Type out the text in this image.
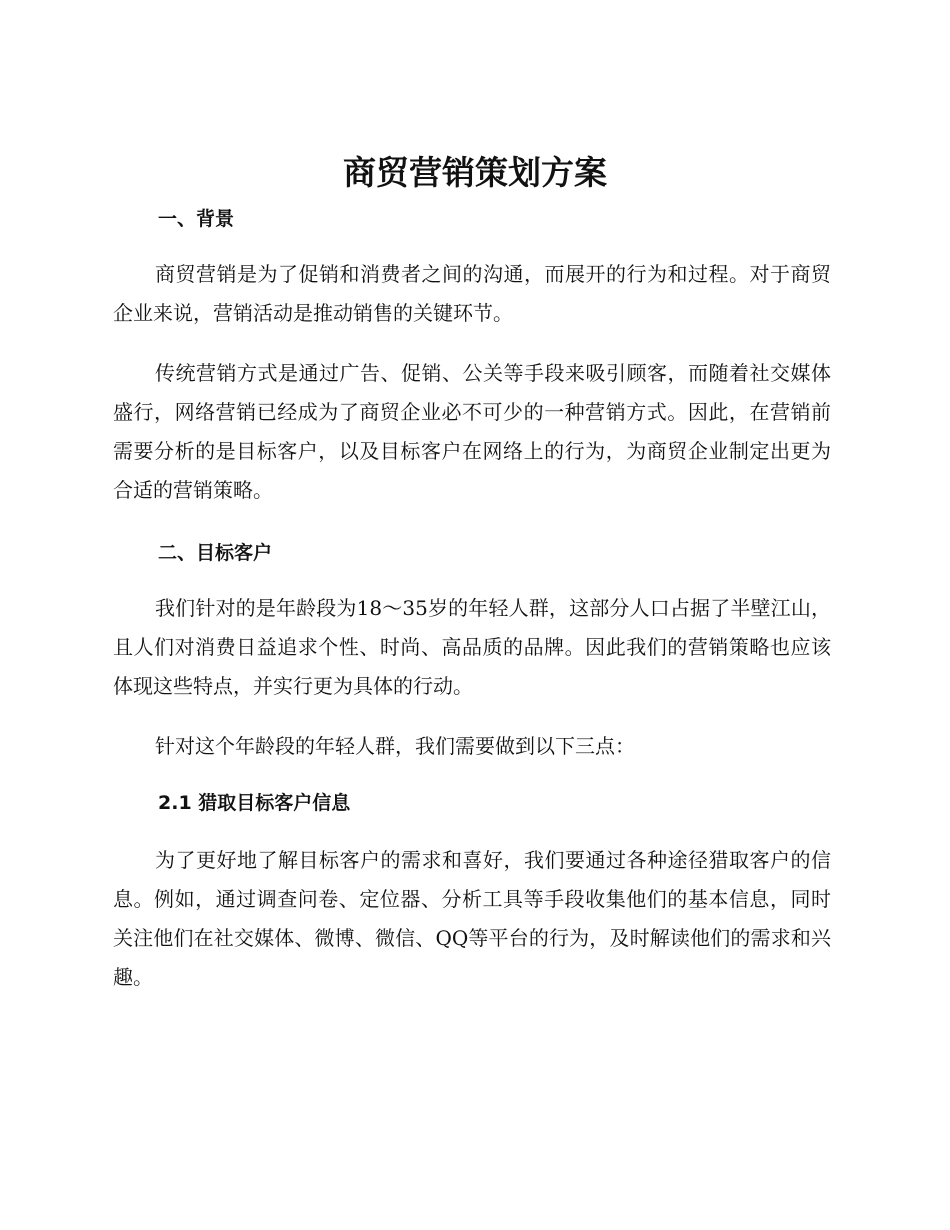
商贸营销策划方案
一、背景

商贸营销是为了促销和消费者之间的沟通，而展开的行为和过程。对于商贸企业来说，营销活动是推动销售的关键环节。

传统营销方式是通过广告、促销、公关等手段来吸引顾客，而随着社交媒体盛行，网络营销已经成为了商贸企业必不可少的一种营销方式。因此，在营销前需要分析的是目标客户，以及目标客户在网络上的行为，为商贸企业制定出更为合适的营销策略。

二、目标客户

我们针对的是年龄段为18～35岁的年轻人群，这部分人口占据了半壁江山，且人们对消费日益追求个性、时尚、高品质的品牌。因此我们的营销策略也应该体现这些特点，并实行更为具体的行动。

针对这个年龄段的年轻人群，我们需要做到以下三点：

2.1 猎取目标客户信息

为了更好地了解目标客户的需求和喜好，我们要通过各种途径猎取客户的信息。例如，通过调查问卷、定位器、分析工具等手段收集他们的基本信息，同时关注他们在社交媒体、微博、微信、QQ等平台的行为，及时解读他们的需求和兴趣。
